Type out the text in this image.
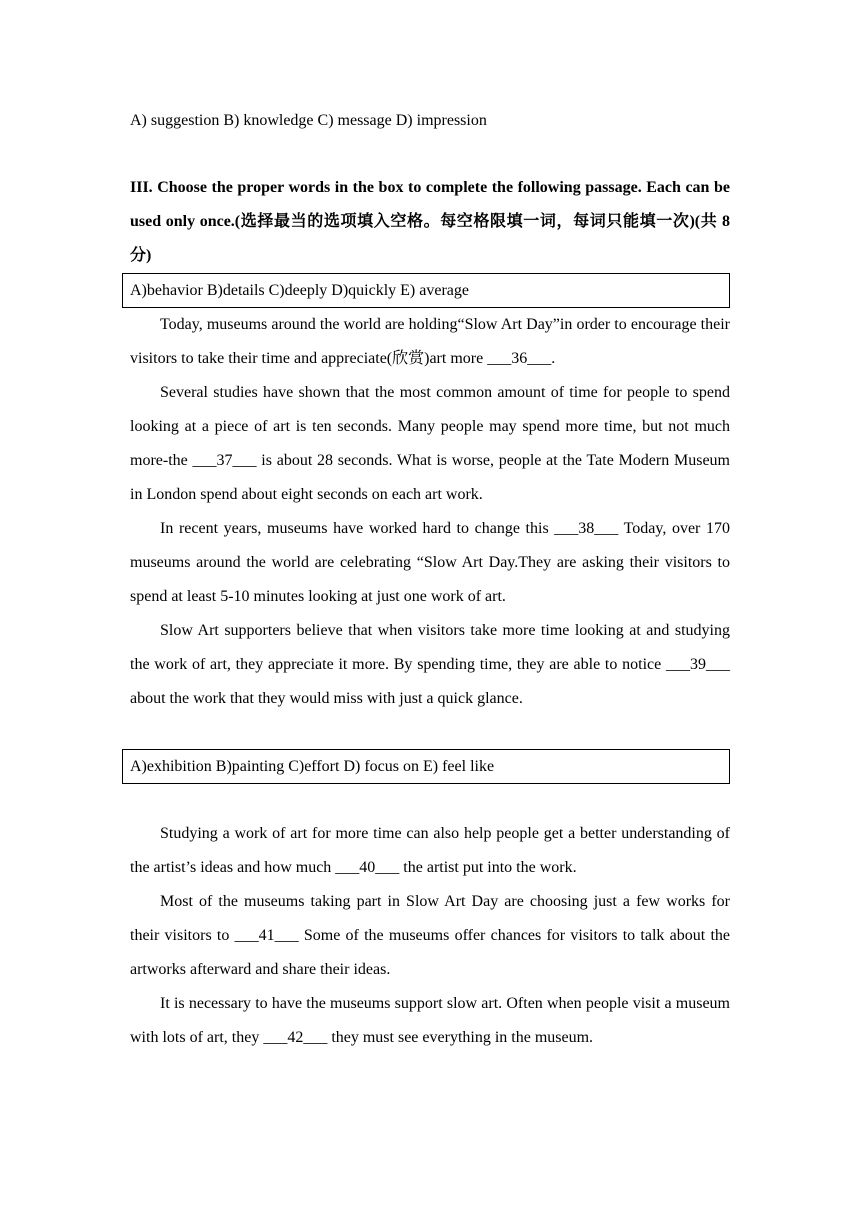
A) suggestion B) knowledge C) message D) impression

III. Choose the proper words in the box to complete the following passage. Each can be used only once.(选择最当的选项填入空格。每空格限填一词，每词只能填一次)(共 8 分)

A)behavior B)details C)deeply D)quickly E) average

Today, museums around the world are holding“Slow Art Day”in order to encourage their visitors to take their time and appreciate(欣赏)art more ___36___.

Several studies have shown that the most common amount of time for people to spend looking at a piece of art is ten seconds. Many people may spend more time, but not much more-the ___37___ is about 28 seconds. What is worse, people at the Tate Modern Museum in London spend about eight seconds on each art work.

In recent years, museums have worked hard to change this ___38___ Today, over 170 museums around the world are celebrating “Slow Art Day.They are asking their visitors to spend at least 5-10 minutes looking at just one work of art.

Slow Art supporters believe that when visitors take more time looking at and studying the work of art, they appreciate it more. By spending time, they are able to notice ___39___ about the work that they would miss with just a quick glance.

A)exhibition B)painting C)effort D) focus on E) feel like

Studying a work of art for more time can also help people get a better understanding of the artist’s ideas and how much ___40___ the artist put into the work.

Most of the museums taking part in Slow Art Day are choosing just a few works for their visitors to ___41___ Some of the museums offer chances for visitors to talk about the artworks afterward and share their ideas.

It is necessary to have the museums support slow art. Often when people visit a museum with lots of art, they ___42___ they must see everything in the museum.
